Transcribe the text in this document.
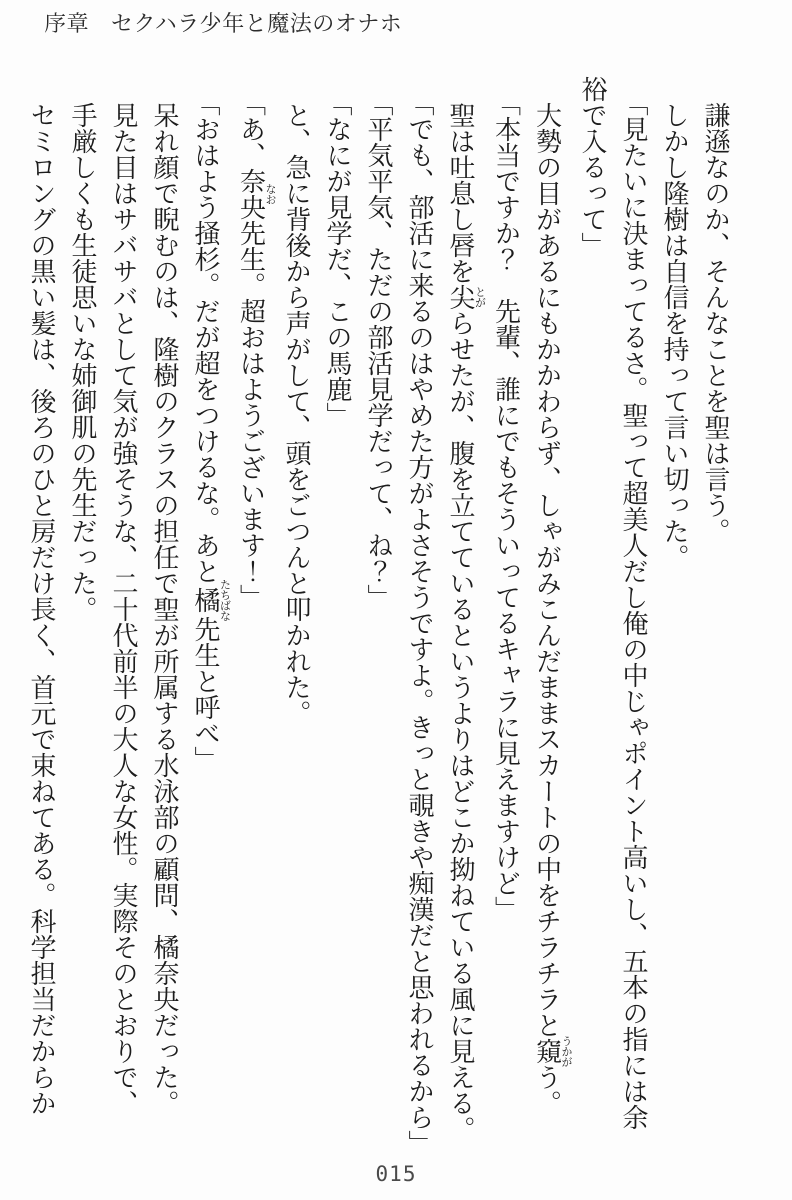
序章 セクハラ少年と魔法のオナホ

謙遜なのか、そんなことを聖は言う。

しかし隆樹は自信を持って言い切った。

「見たいに決まってるさ。聖って超美人だし俺の中じゃポイント高いし、五本の指には余

裕で入るって」

大勢の目があるにもかかわらず、しゃがみこんだままスカートの中をチラチラと窺うかがう。

「本当ですか？　先輩、誰にでもそういってるキャラに見えますけど」

聖は吐息し唇を尖とがらせたが、腹を立てているというよりはどこか拗ねている風に見える。

「でも、部活に来るのはやめた方がよさそうですよ。きっと覗きや痴漢だと思われるから」

「平気平気、ただの部活見学だって、ね？」

「なにが見学だ、この馬鹿」

と、急に背後から声がして、頭をごつんと叩かれた。

「あ、奈央なお先生。超おはようございます！」

「おはよう掻杉。だが超をつけるな。あと橘たちばな先生と呼べ」

呆れ顔で睨むのは、隆樹のクラスの担任で聖が所属する水泳部の顧問、橘奈央だった。

見た目はサバサバとして気が強そうな、二十代前半の大人な女性。実際そのとおりで、

手厳しくも生徒思いな姉御肌の先生だった。

セミロングの黒い髪は、後ろのひと房だけ長く、首元で束ねてある。科学担当だからか

015
